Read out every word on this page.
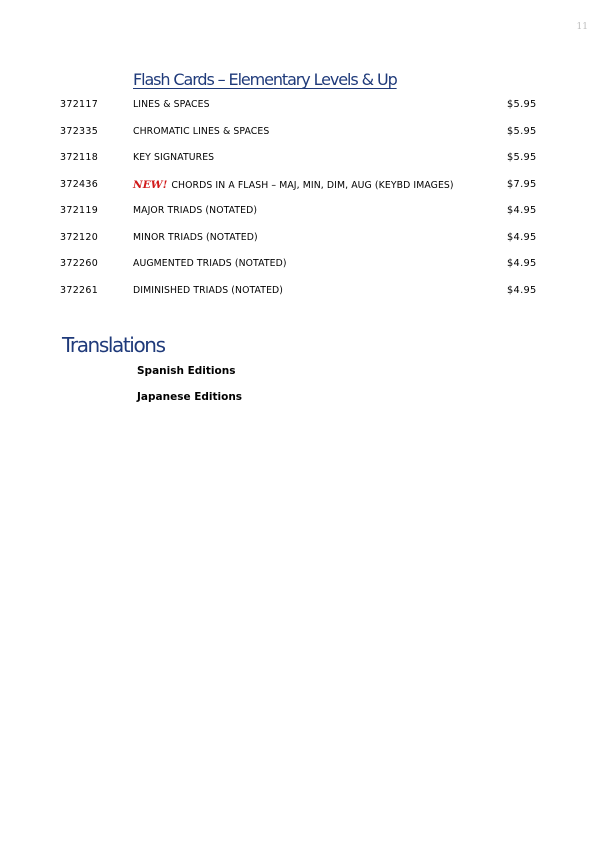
11
Flash Cards – Elementary Levels & Up
372117	LINES & SPACES	$5.95
372335	CHROMATIC LINES & SPACES	$5.95
372118	KEY SIGNATURES	$5.95
372436	NEW! CHORDS IN A FLASH – MAJ, MIN, DIM, AUG (KEYBD IMAGES)	$7.95
372119	MAJOR TRIADS (NOTATED)	$4.95
372120	MINOR TRIADS (NOTATED)	$4.95
372260	AUGMENTED TRIADS (NOTATED)	$4.95
372261	DIMINISHED TRIADS (NOTATED)	$4.95
Translations
Spanish Editions
Japanese Editions
